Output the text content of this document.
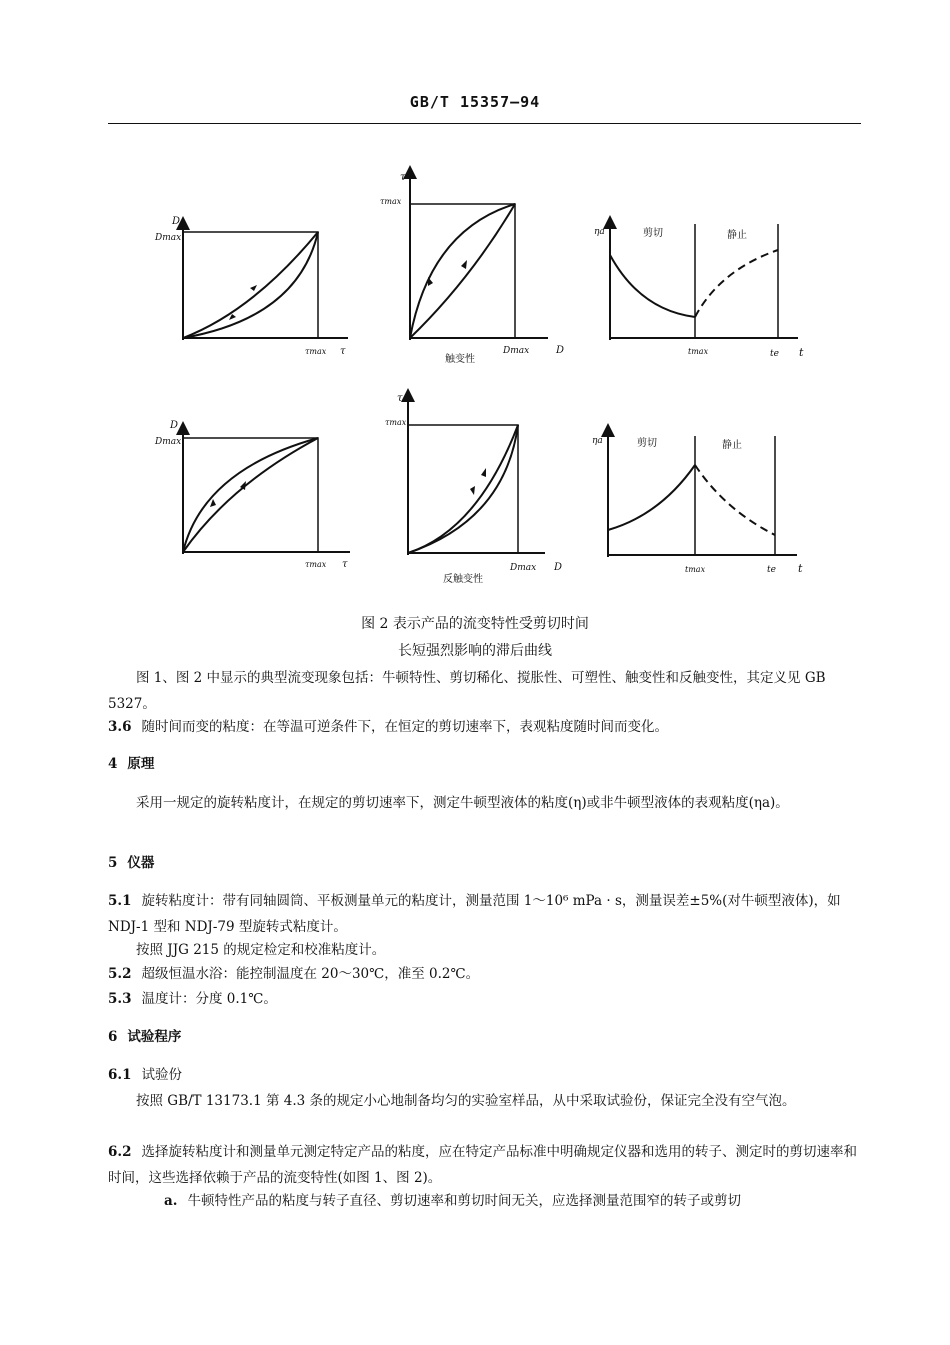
GB/T 15357—94
D
Dmax
τmax τ
τ
τmax
Dmax	D
触变性
ηa	剪切	静止
tmax	te t
D
Dmax
τmax τ
τ
τmax
Dmax D
反触变性
ηa	剪切	静止
tmax	te t
图 2 表示产品的流变特性受剪切时间
长短强烈影响的滞后曲线
图 1、图 2 中显示的典型流变现象包括：牛顿特性、剪切稀化、搅胀性、可塑性、触变性和反触变性，其定义见 GB 5327。
3.6 随时间而变的粘度：在等温可逆条件下，在恒定的剪切速率下，表观粘度随时间而变化。
4 原理
采用一规定的旋转粘度计，在规定的剪切速率下，测定牛顿型液体的粘度(η)或非牛顿型液体的表观粘度(ηa)。
5 仪器
5.1 旋转粘度计：带有同轴圆筒、平板测量单元的粘度计，测量范围 1～10⁶ mPa · s，测量误差±5%(对牛顿型液体)，如 NDJ-1 型和 NDJ-79 型旋转式粘度计。
按照 JJG 215 的规定检定和校准粘度计。
5.2 超级恒温水浴：能控制温度在 20～30℃，准至 0.2℃。
5.3 温度计：分度 0.1℃。
6 试验程序
6.1 试验份
按照 GB/T 13173.1 第 4.3 条的规定小心地制备均匀的实验室样品，从中采取试验份，保证完全没有空气泡。
6.2 选择旋转粘度计和测量单元测定特定产品的粘度，应在特定产品标准中明确规定仪器和选用的转子、测定时的剪切速率和时间，这些选择依赖于产品的流变特性(如图 1、图 2)。
a. 牛顿特性产品的粘度与转子直径、剪切速率和剪切时间无关，应选择测量范围窄的转子或剪切
